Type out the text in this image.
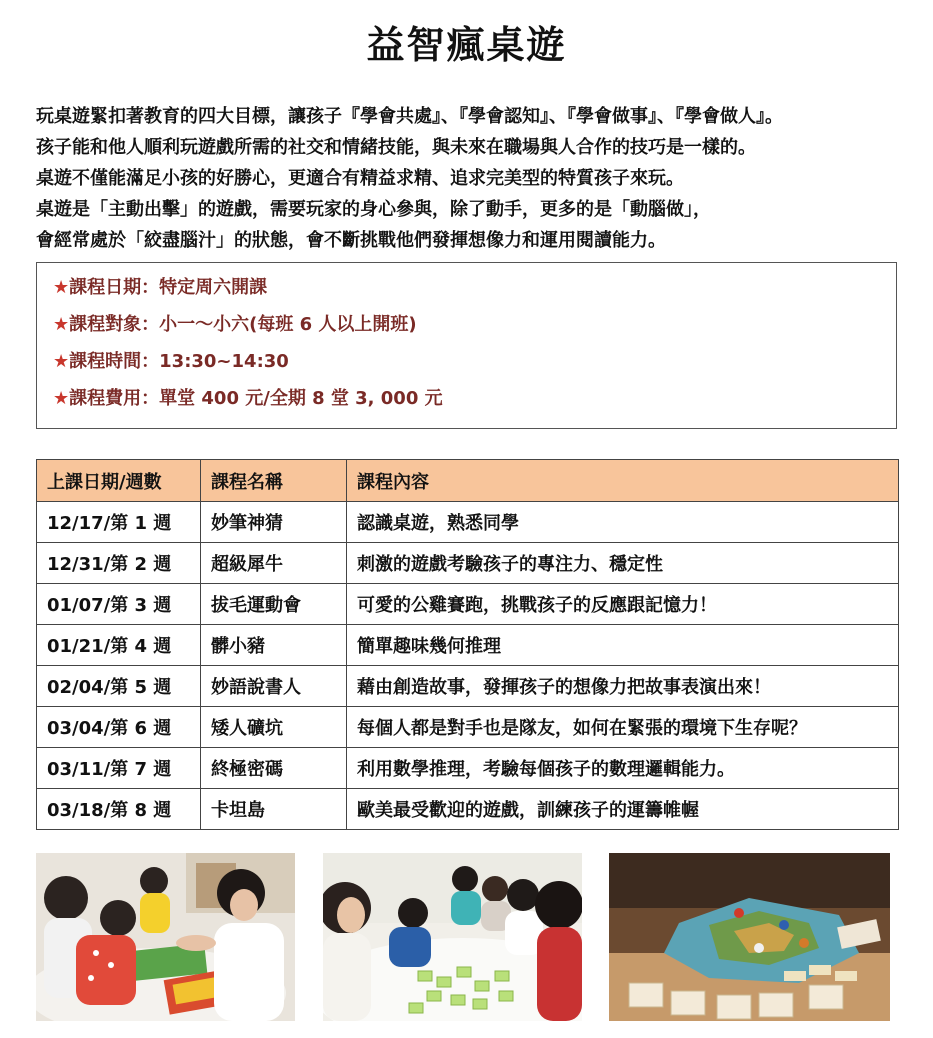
益智瘋桌遊

玩桌遊緊扣著教育的四大目標，讓孩子『學會共處』、『學會認知』、『學會做事』、『學會做人』。

孩子能和他人順利玩遊戲所需的社交和情緒技能，與未來在職場與人合作的技巧是一樣的。

桌遊不僅能滿足小孩的好勝心，更適合有精益求精、追求完美型的特質孩子來玩。

桌遊是「主動出擊」的遊戲，需要玩家的身心參與，除了動手，更多的是「動腦做」，

會經常處於「絞盡腦汁」的狀態，會不斷挑戰他們發揮想像力和運用閱讀能力。

★課程日期：特定周六開課
★課程對象：小一～小六(每班 6 人以上開班)
★課程時間：13:30~14:30
★課程費用：單堂 400 元/全期 8 堂 3, 000 元
上課日期/週數	課程名稱	課程內容
12/17/第 1 週	妙筆神猜	認識桌遊，熟悉同學
12/31/第 2 週	超級犀牛	刺激的遊戲考驗孩子的專注力、穩定性
01/07/第 3 週	拔毛運動會	可愛的公雞賽跑，挑戰孩子的反應跟記憶力！
01/21/第 4 週	髒小豬	簡單趣味幾何推理
02/04/第 5 週	妙語說書人	藉由創造故事，發揮孩子的想像力把故事表演出來！
03/04/第 6 週	矮人礦坑	每個人都是對手也是隊友，如何在緊張的環境下生存呢？
03/11/第 7 週	終極密碼	利用數學推理，考驗每個孩子的數理邏輯能力。
03/18/第 8 週	卡坦島	歐美最受歡迎的遊戲，訓練孩子的運籌帷幄
